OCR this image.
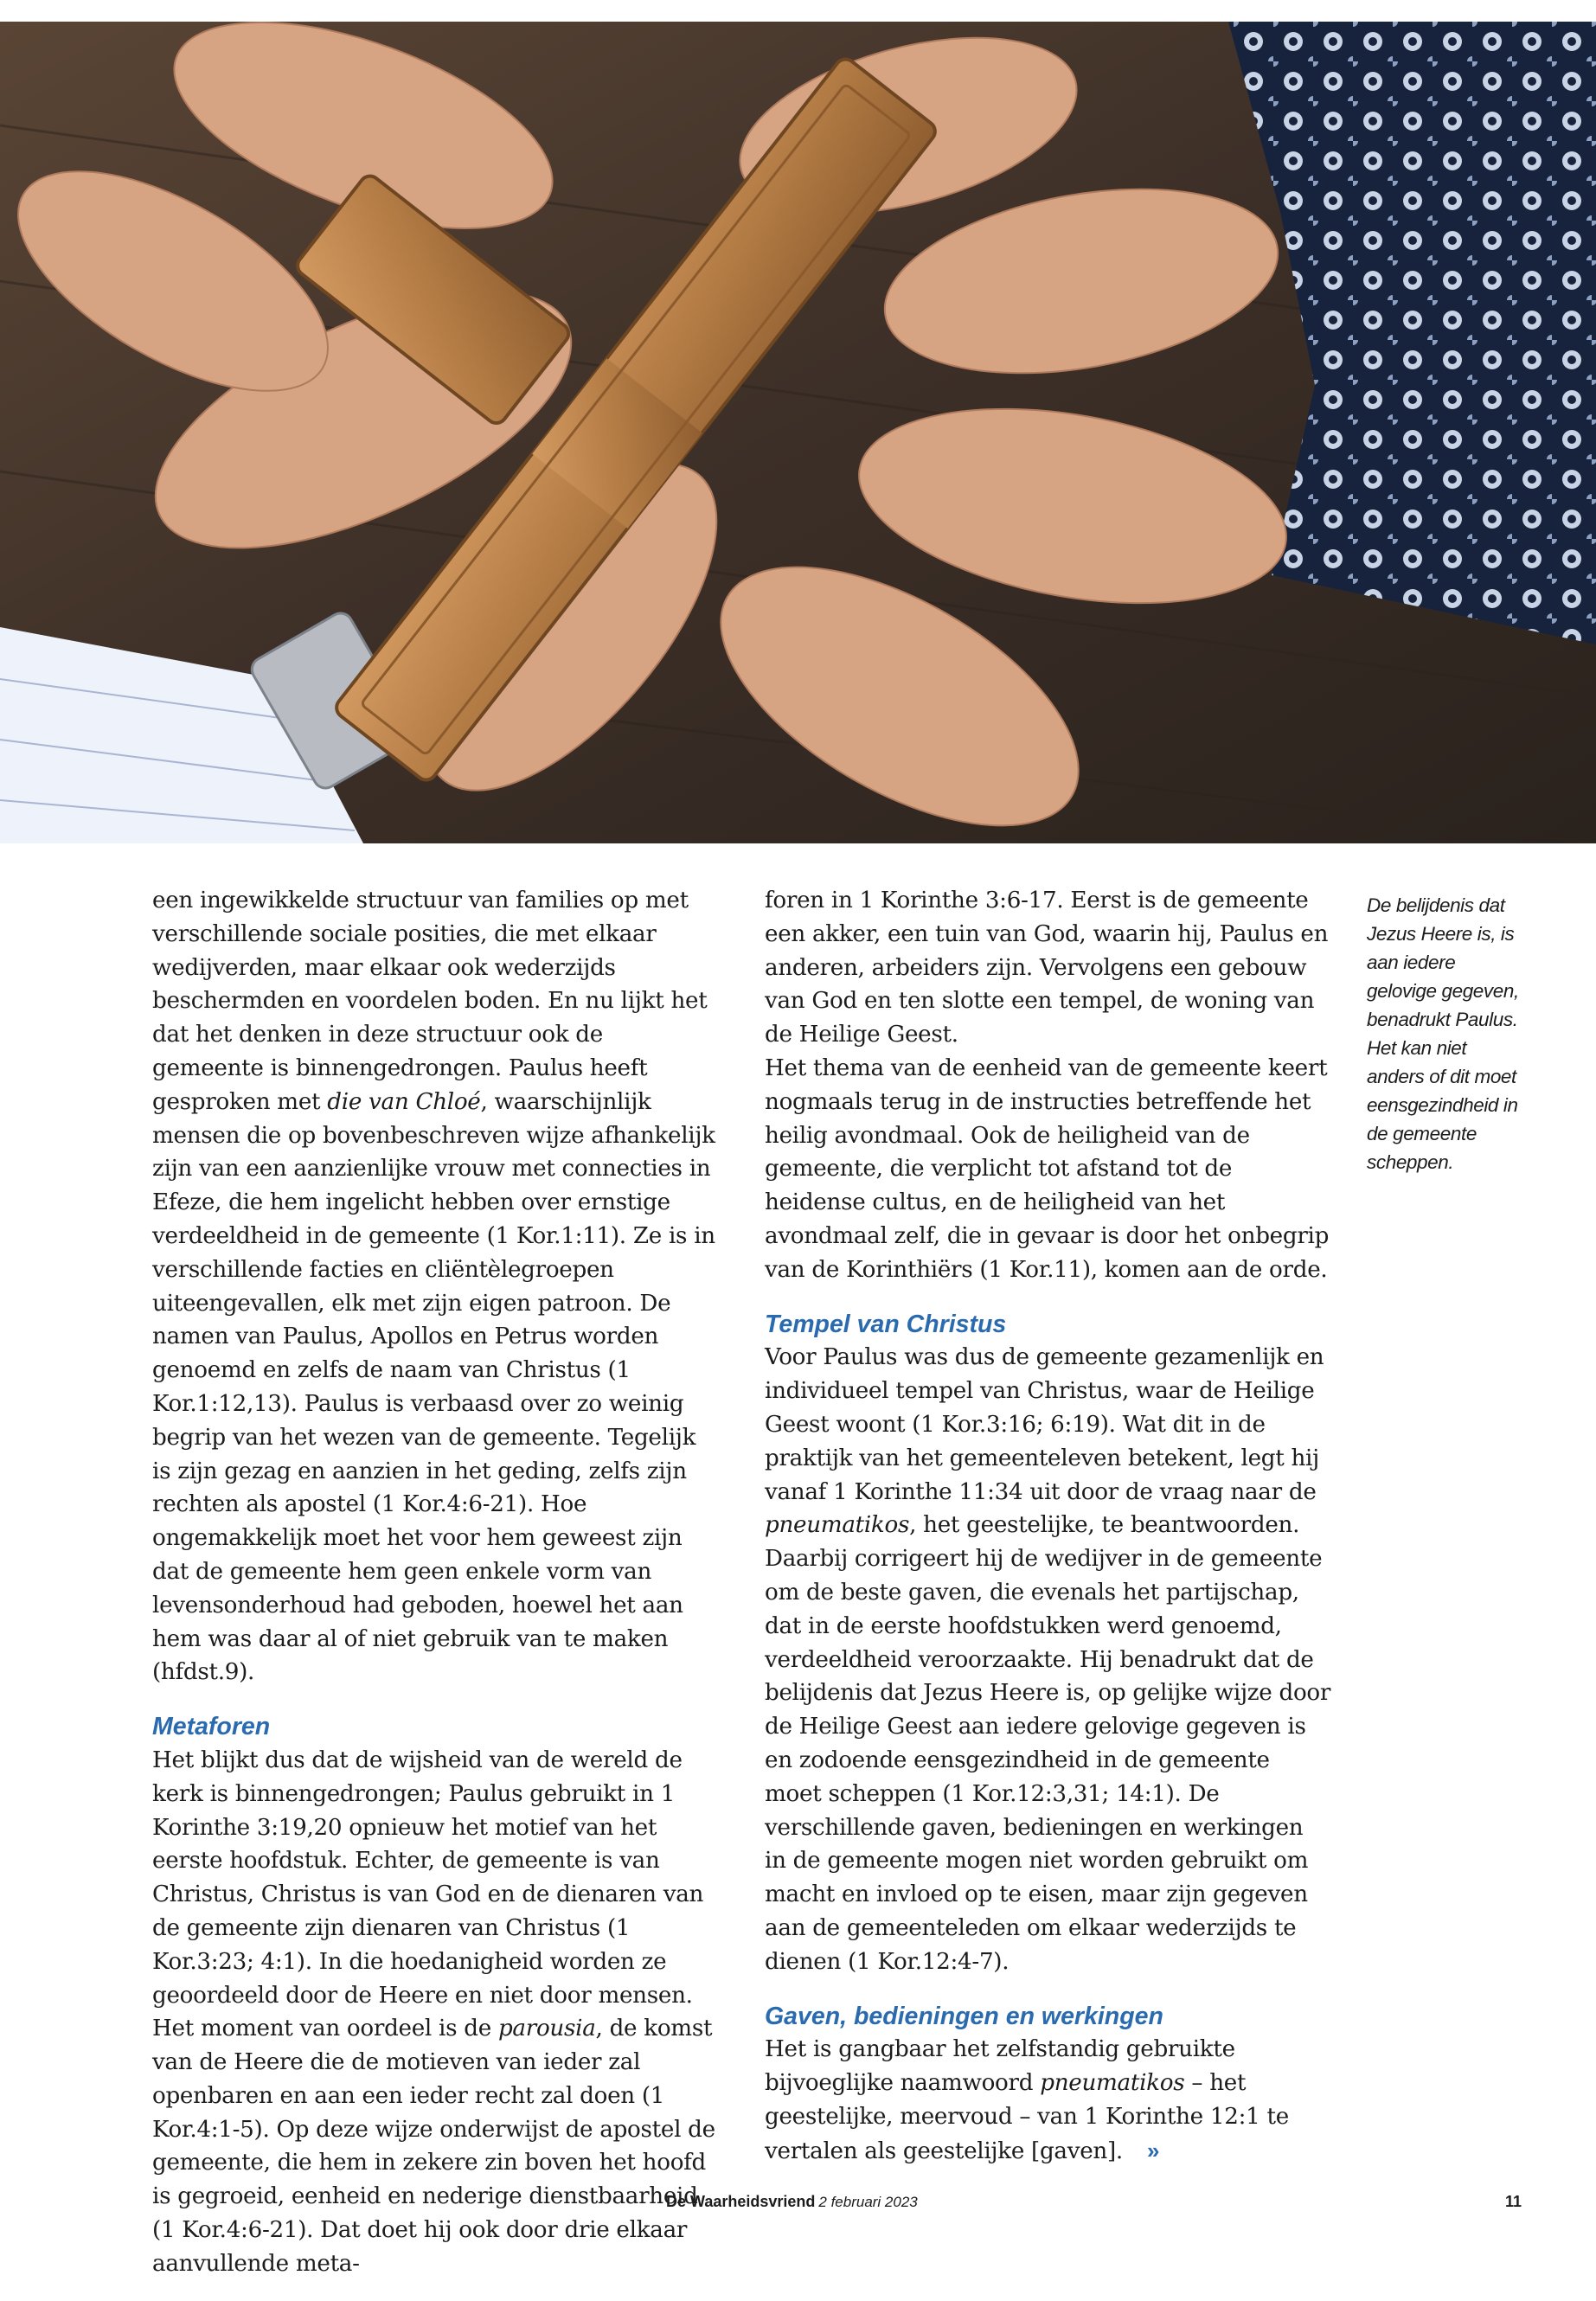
een ingewikkelde structuur van families op met verschillende sociale posities, die met elkaar wedijverden, maar elkaar ook wederzijds beschermden en voordelen boden. En nu lijkt het dat het denken in deze structuur ook de gemeente is binnengedrongen. Paulus heeft gesproken met die van Chloé, waarschijnlijk mensen die op bovenbeschreven wijze afhankelijk zijn van een aanzienlijke vrouw met connecties in Efeze, die hem ingelicht hebben over ernstige verdeeldheid in de gemeente (1 Kor.1:11). Ze is in verschillende facties en cliëntèlegroepen uiteengevallen, elk met zijn eigen patroon. De namen van Paulus, Apollos en Petrus worden genoemd en zelfs de naam van Christus (1 Kor.1:12,13). Paulus is verbaasd over zo weinig begrip van het wezen van de gemeente. Tegelijk is zijn gezag en aanzien in het geding, zelfs zijn rechten als apostel (1 Kor.4:6-21). Hoe ongemakkelijk moet het voor hem geweest zijn dat de gemeente hem geen enkele vorm van levensonderhoud had geboden, hoewel het aan hem was daar al of niet gebruik van te maken (hfdst.9).

Metaforen

Het blijkt dus dat de wijsheid van de wereld de kerk is binnengedrongen; Paulus gebruikt in 1 Korinthe 3:19,20 opnieuw het motief van het eerste hoofdstuk. Echter, de gemeente is van Christus, Christus is van God en de dienaren van de gemeente zijn dienaren van Christus (1 Kor.3:23; 4:1). In die hoedanigheid worden ze geoordeeld door de Heere en niet door mensen. Het moment van oordeel is de parousia, de komst van de Heere die de motieven van ieder zal openbaren en aan een ieder recht zal doen (1 Kor.4:1-5). Op deze wijze onderwijst de apostel de gemeente, die hem in zekere zin boven het hoofd is gegroeid, eenheid en nederige dienstbaarheid (1 Kor.4:6-21). Dat doet hij ook door drie elkaar aanvullende meta-

foren in 1 Korinthe 3:6-17. Eerst is de gemeente een akker, een tuin van God, waarin hij, Paulus en anderen, arbeiders zijn. Vervolgens een gebouw van God en ten slotte een tempel, de woning van de Heilige Geest.

Het thema van de eenheid van de gemeente keert nogmaals terug in de instructies betreffende het heilig avondmaal. Ook de heiligheid van de gemeente, die verplicht tot afstand tot de heidense cultus, en de heiligheid van het avondmaal zelf, die in gevaar is door het onbegrip van de Korinthiërs (1 Kor.11), komen aan de orde.

Tempel van Christus

Voor Paulus was dus de gemeente gezamenlijk en individueel tempel van Christus, waar de Heilige Geest woont (1 Kor.3:16; 6:19). Wat dit in de praktijk van het gemeenteleven betekent, legt hij vanaf 1 Korinthe 11:34 uit door de vraag naar de pneumatikos, het geestelijke, te beantwoorden. Daarbij corrigeert hij de wedijver in de gemeente om de beste gaven, die evenals het partijschap, dat in de eerste hoofdstukken werd genoemd, verdeeldheid veroorzaakte. Hij benadrukt dat de belijdenis dat Jezus Heere is, op gelijke wijze door de Heilige Geest aan iedere gelovige gegeven is en zodoende eensgezindheid in de gemeente moet scheppen (1 Kor.12:3,31; 14:1). De verschillende gaven, bedieningen en werkingen in de gemeente mogen niet worden gebruikt om macht en invloed op te eisen, maar zijn gegeven aan de gemeenteleden om elkaar wederzijds te dienen (1 Kor.12:4-7).

Gaven, bedieningen en werkingen

Het is gangbaar het zelfstandig gebruikte bijvoeglijke naamwoord pneumatikos – het geestelijke, meervoud – van 1 Korinthe 12:1 te vertalen als geestelijke [gaven]. »

De belijdenis dat Jezus Heere is, is aan iedere gelovige gegeven, benadrukt Paulus. Het kan niet anders of dit moet eensgezindheid in de gemeente scheppen.

De Waarheidsvriend 2 februari 2023	11
